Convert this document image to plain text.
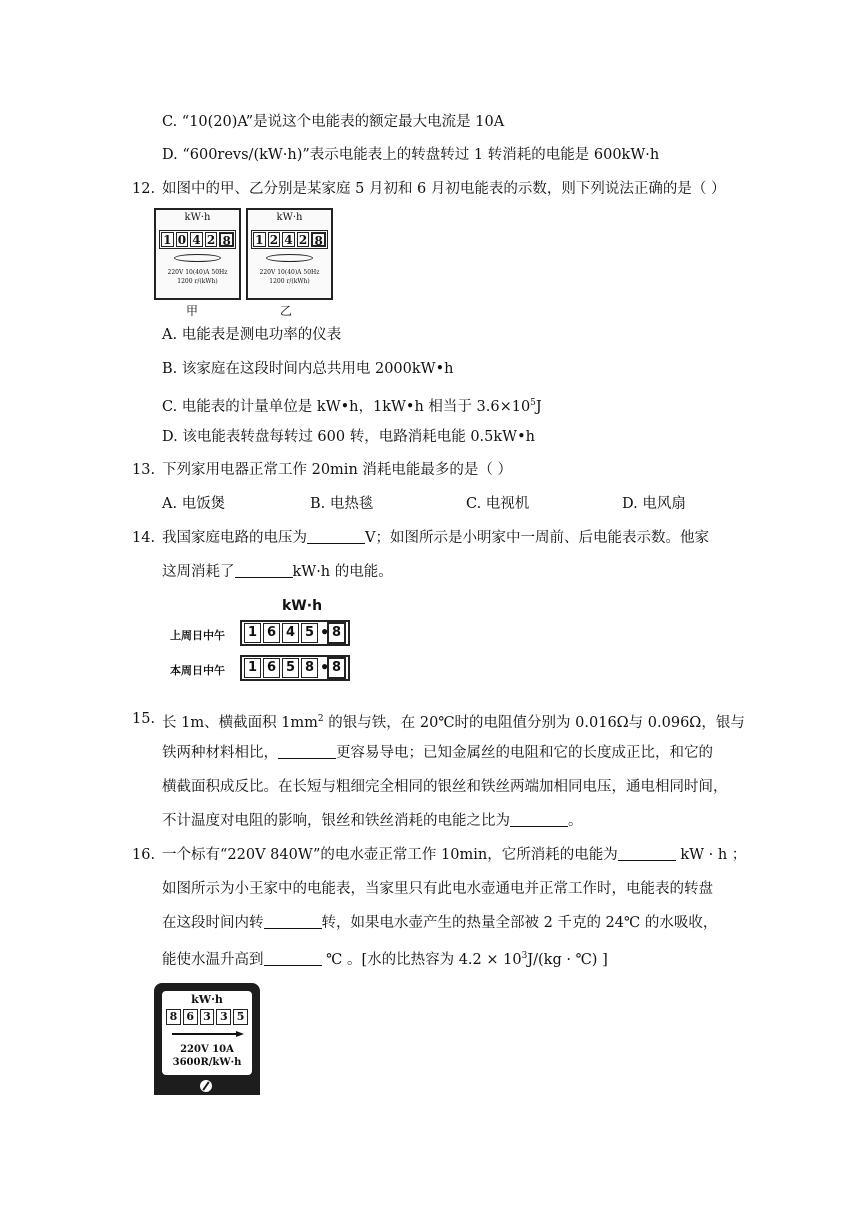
C. “10(20)A”是说这个电能表的额定最大电流是 10A
D. “600revs/(kW·h)”表示电能表上的转盘转过 1 转消耗的电能是 600kW·h
12. 如图中的甲、乙分别是某家庭 5 月初和 6 月初电能表的示数，则下列说法正确的是（ ）
kW·h
1 0 4 2 8
220V 10(40)A 50Hz
1200 r/(kWh)
甲
kW·h
1 2 4 2 8
220V 10(40)A 50Hz
1200 r/(kWh)
乙
A. 电能表是测电功率的仪表
B. 该家庭在这段时间内总共用电 2000kW•h
C. 电能表的计量单位是 kW•h，1kW•h 相当于 $3.6\times 10^5J$
D. 该电能表转盘每转过 600 转，电路消耗电能 0.5kW•h
13. 下列家用电器正常工作 20min 消耗电能最多的是（ ）
A. 电饭煲	B. 电热毯	C. 电视机	D. 电风扇
14. 我国家庭电路的电压为	V；如图所示是小明家中一周前、后电能表示数。他家
这周消耗了	kW·h 的电能。
kW·h
上周日中午	1 6 4 5 • 8
本周日中午	1 6 5 8 • 8
15. 长 1m、横截面积 $1mm^2$ 的银与铁，在 20℃时的电阻值分别为 0.016Ω与 0.096Ω，银与
铁两种材料相比，	更容易导电；已知金属丝的电阻和它的长度成正比，和它的
横截面积成反比。在长短与粗细完全相同的银丝和铁丝两端加相同电压，通电相同时间，
不计温度对电阻的影响，银丝和铁丝消耗的电能之比为	。
16. 一个标有“220V 840W”的电水壶正常工作 10min，它所消耗的电能为	kW · h ；
如图所示为小王家中的电能表，当家里只有此电水壶通电并正常工作时，电能表的转盘
在这段时间内转	转，如果电水壶产生的热量全部被 2 千克的 24℃ 的水吸收，
能使水温升高到	℃ 。[水的比热容为 $4.2 \times 10^3J/(kg$ · ℃) ]
kW·h
8 6 3 3 5
220V 10A
3600R/kW·h
